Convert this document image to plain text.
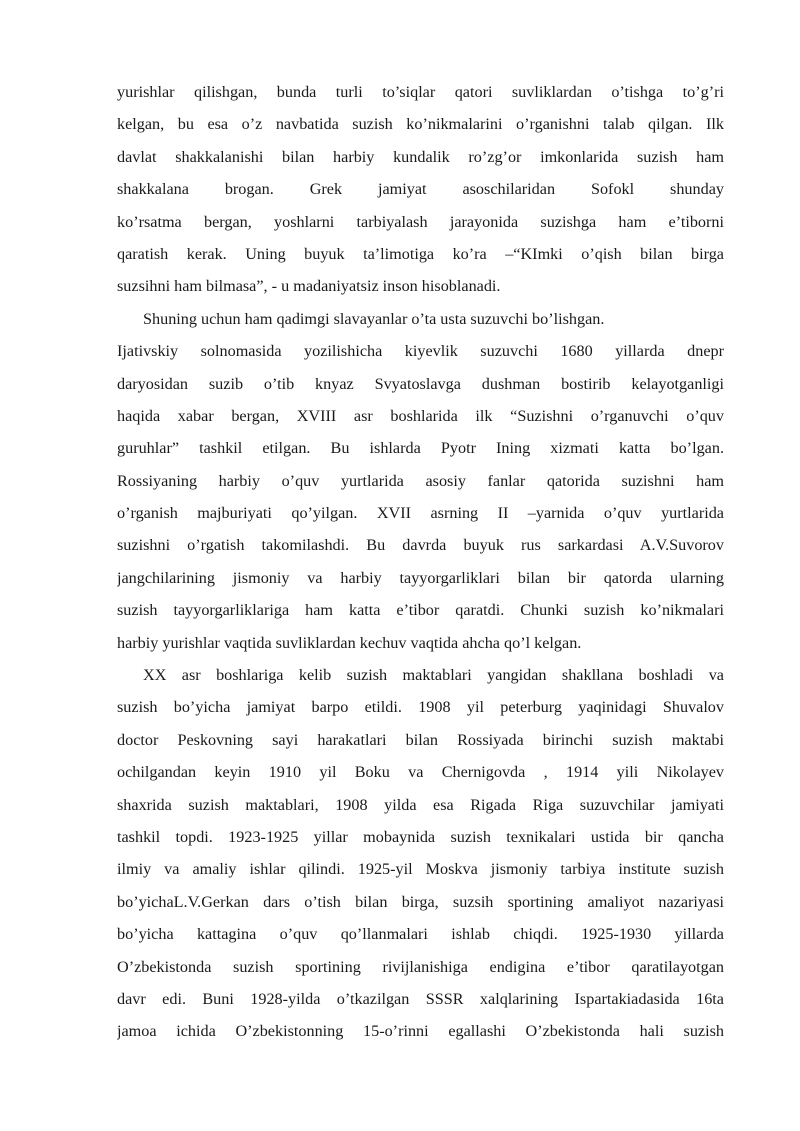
yurishlar qilishgan, bunda turli to’siqlar qatori suvliklardan o’tishga to’g’ri
kelgan, bu esa o’z navbatida suzish ko’nikmalarini o’rganishni talab qilgan. Ilk
davlat shakkalanishi bilan harbiy kundalik ro’zg’or imkonlarida suzish ham
shakkalana brogan. Grek jamiyat asoschilaridan Sofokl shunday
ko’rsatma bergan, yoshlarni tarbiyalash jarayonida suzishga ham e’tiborni
qaratish kerak. Uning buyuk ta’limotiga ko’ra –“KImki o’qish bilan birga
suzsihni ham bilmasa”, - u madaniyatsiz inson hisoblanadi.
Shuning uchun ham qadimgi slavayanlar o’ta usta suzuvchi bo’lishgan.
Ijativskiy solnomasida yozilishicha kiyevlik suzuvchi 1680 yillarda dnepr
daryosidan suzib o’tib knyaz Svyatoslavga dushman bostirib kelayotganligi
haqida xabar bergan, XVIII asr boshlarida ilk “Suzishni o’rganuvchi o’quv
guruhlar” tashkil etilgan. Bu ishlarda Pyotr Ining xizmati katta bo’lgan.
Rossiyaning harbiy o’quv yurtlarida asosiy fanlar qatorida suzishni ham
o’rganish majburiyati qo’yilgan. XVII asrning II –yarnida o’quv yurtlarida
suzishni o’rgatish takomilashdi. Bu davrda buyuk rus sarkardasi A.V.Suvorov
jangchilarining jismoniy va harbiy tayyorgarliklari bilan bir qatorda ularning
suzish tayyorgarliklariga ham katta e’tibor qaratdi. Chunki suzish ko’nikmalari
harbiy yurishlar vaqtida suvliklardan kechuv vaqtida ahcha qo’l kelgan.
XX asr boshlariga kelib suzish maktablari yangidan shakllana boshladi va
suzish bo’yicha jamiyat barpo etildi. 1908 yil peterburg yaqinidagi Shuvalov
doctor Peskovning sayi harakatlari bilan Rossiyada birinchi suzish maktabi
ochilgandan keyin 1910 yil Boku va Chernigovda , 1914 yili Nikolayev
shaxrida suzish maktablari, 1908 yilda esa Rigada Riga suzuvchilar jamiyati
tashkil topdi. 1923-1925 yillar mobaynida suzish texnikalari ustida bir qancha
ilmiy va amaliy ishlar qilindi. 1925-yil Moskva jismoniy tarbiya institute suzish
bo’yichaL.V.Gerkan dars o’tish bilan birga, suzsih sportining amaliyot nazariyasi
bo’yicha kattagina o’quv qo’llanmalari ishlab chiqdi. 1925-1930 yillarda
O’zbekistonda suzish sportining rivijlanishiga endigina e’tibor qaratilayotgan
davr edi. Buni 1928-yilda o’tkazilgan SSSR xalqlarining Ispartakiadasida 16ta
jamoa ichida O’zbekistonning 15-o’rinni egallashi O’zbekistonda hali suzish
